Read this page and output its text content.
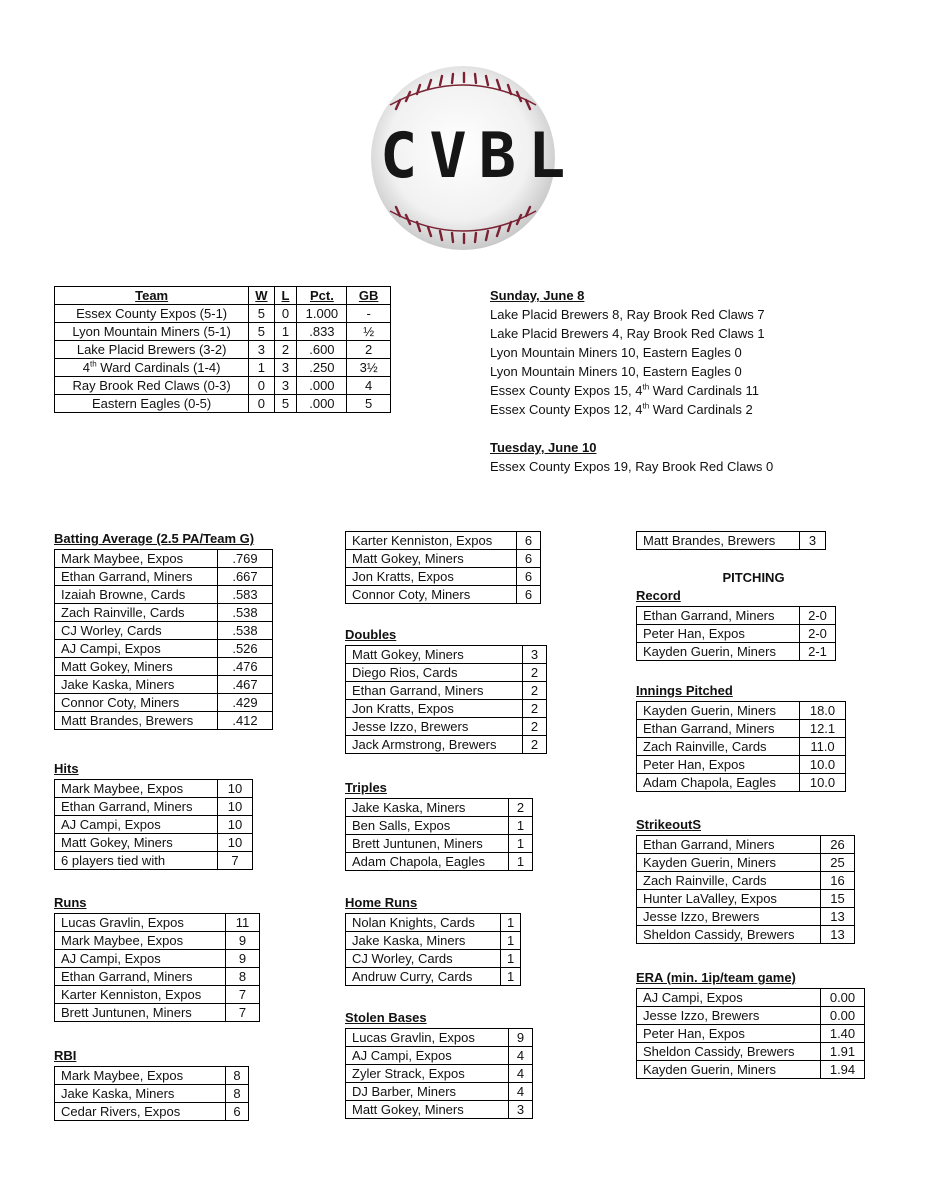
CVBL
Team	W	L	Pct.	GB
Essex County Expos (5-1)	5	0	1.000	-
Lyon Mountain Miners (5-1)	5	1	.833	½
Lake Placid Brewers (3-2)	3	2	.600	2
4th Ward Cardinals (1-4)	1	3	.250	3½
Ray Brook Red Claws (0-3)	0	3	.000	4
Eastern Eagles (0-5)	0	5	.000	5
Sunday, June 8
Lake Placid Brewers 8, Ray Brook Red Claws 7
Lake Placid Brewers 4, Ray Brook Red Claws 1
Lyon Mountain Miners 10, Eastern Eagles 0
Lyon Mountain Miners 10, Eastern Eagles 0
Essex County Expos 15, 4th Ward Cardinals 11
Essex County Expos 12, 4th Ward Cardinals 2
Tuesday, June 10
Essex County Expos 19, Ray Brook Red Claws 0
Batting Average (2.5 PA/Team G)
Mark Maybee, Expos	.769
Ethan Garrand, Miners	.667
Izaiah Browne, Cards	.583
Zach Rainville, Cards	.538
CJ Worley, Cards	.538
AJ Campi, Expos	.526
Matt Gokey, Miners	.476
Jake Kaska, Miners	.467
Connor Coty, Miners	.429
Matt Brandes, Brewers	.412
Hits
Mark Maybee, Expos	10
Ethan Garrand, Miners	10
AJ Campi, Expos	10
Matt Gokey, Miners	10
6 players tied with	7
Runs
Lucas Gravlin, Expos	11
Mark Maybee, Expos	9
AJ Campi, Expos	9
Ethan Garrand, Miners	8
Karter Kenniston, Expos	7
Brett Juntunen, Miners	7
RBI
Mark Maybee, Expos	8
Jake Kaska, Miners	8
Cedar Rivers, Expos	6
Karter Kenniston, Expos	6
Matt Gokey, Miners	6
Jon Kratts, Expos	6
Connor Coty, Miners	6
Doubles
Matt Gokey, Miners	3
Diego Rios, Cards	2
Ethan Garrand, Miners	2
Jon Kratts, Expos	2
Jesse Izzo, Brewers	2
Jack Armstrong, Brewers	2
Triples
Jake Kaska, Miners	2
Ben Salls, Expos	1
Brett Juntunen, Miners	1
Adam Chapola, Eagles	1
Home Runs
Nolan Knights, Cards	1
Jake Kaska, Miners	1
CJ Worley, Cards	1
Andruw Curry, Cards	1
Stolen Bases
Lucas Gravlin, Expos	9
AJ Campi, Expos	4
Zyler Strack, Expos	4
DJ Barber, Miners	4
Matt Gokey, Miners	3
Matt Brandes, Brewers	3
PITCHING
Record
Ethan Garrand, Miners	2-0
Peter Han, Expos	2-0
Kayden Guerin, Miners	2-1
Innings Pitched
Kayden Guerin, Miners	18.0
Ethan Garrand, Miners	12.1
Zach Rainville, Cards	11.0
Peter Han, Expos	10.0
Adam Chapola, Eagles	10.0
StrikeoutS
Ethan Garrand, Miners	26
Kayden Guerin, Miners	25
Zach Rainville, Cards	16
Hunter LaValley, Expos	15
Jesse Izzo, Brewers	13
Sheldon Cassidy, Brewers	13
ERA (min. 1ip/team game)
AJ Campi, Expos	0.00
Jesse Izzo, Brewers	0.00
Peter Han, Expos	1.40
Sheldon Cassidy, Brewers	1.91
Kayden Guerin, Miners	1.94
